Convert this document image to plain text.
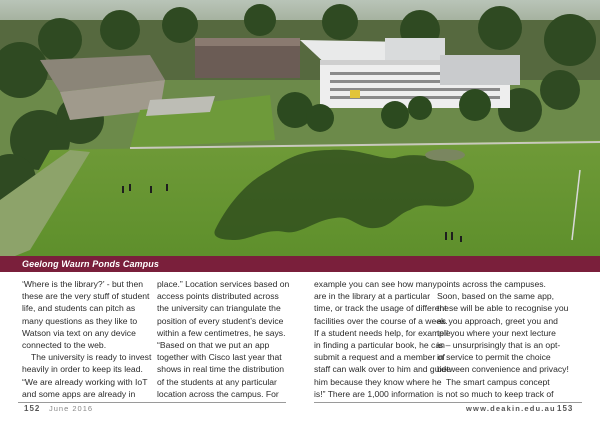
Geelong Waurn Ponds Campus
‘Where is the library?’ - but then
these are the very stuff of student
life, and students can pitch as
many questions as they like to
Watson via text on any device
connected to the web.
The university is ready to invest
heavily in order to keep its lead.
“We are already working with IoT
and some apps are already in
place.” Location services based on
access points distributed across
the university can triangulate the
position of every student’s device
within a few centimetres, he says.
“Based on that we put an app
together with Cisco last year that
shows in real time the distribution
of the students at any particular
location across the campus. For
example you can see how many
are in the library at a particular
time, or track the usage of different
facilities over the course of a week.
If a student needs help, for example
in finding a particular book, he can
submit a request and a member of
staff can walk over to him and guide
him because they know where he
is!” There are 1,000 information
points across the campuses.
Soon, based on the same app,
these will be able to recognise you
as you approach, greet you and
tell you where your next lecture
is – unsurprisingly that is an opt-
in service to permit the choice
between convenience and privacy!
The smart campus concept
is not so much to keep track of
152 June 2016	www.deakin.edu.au 153
